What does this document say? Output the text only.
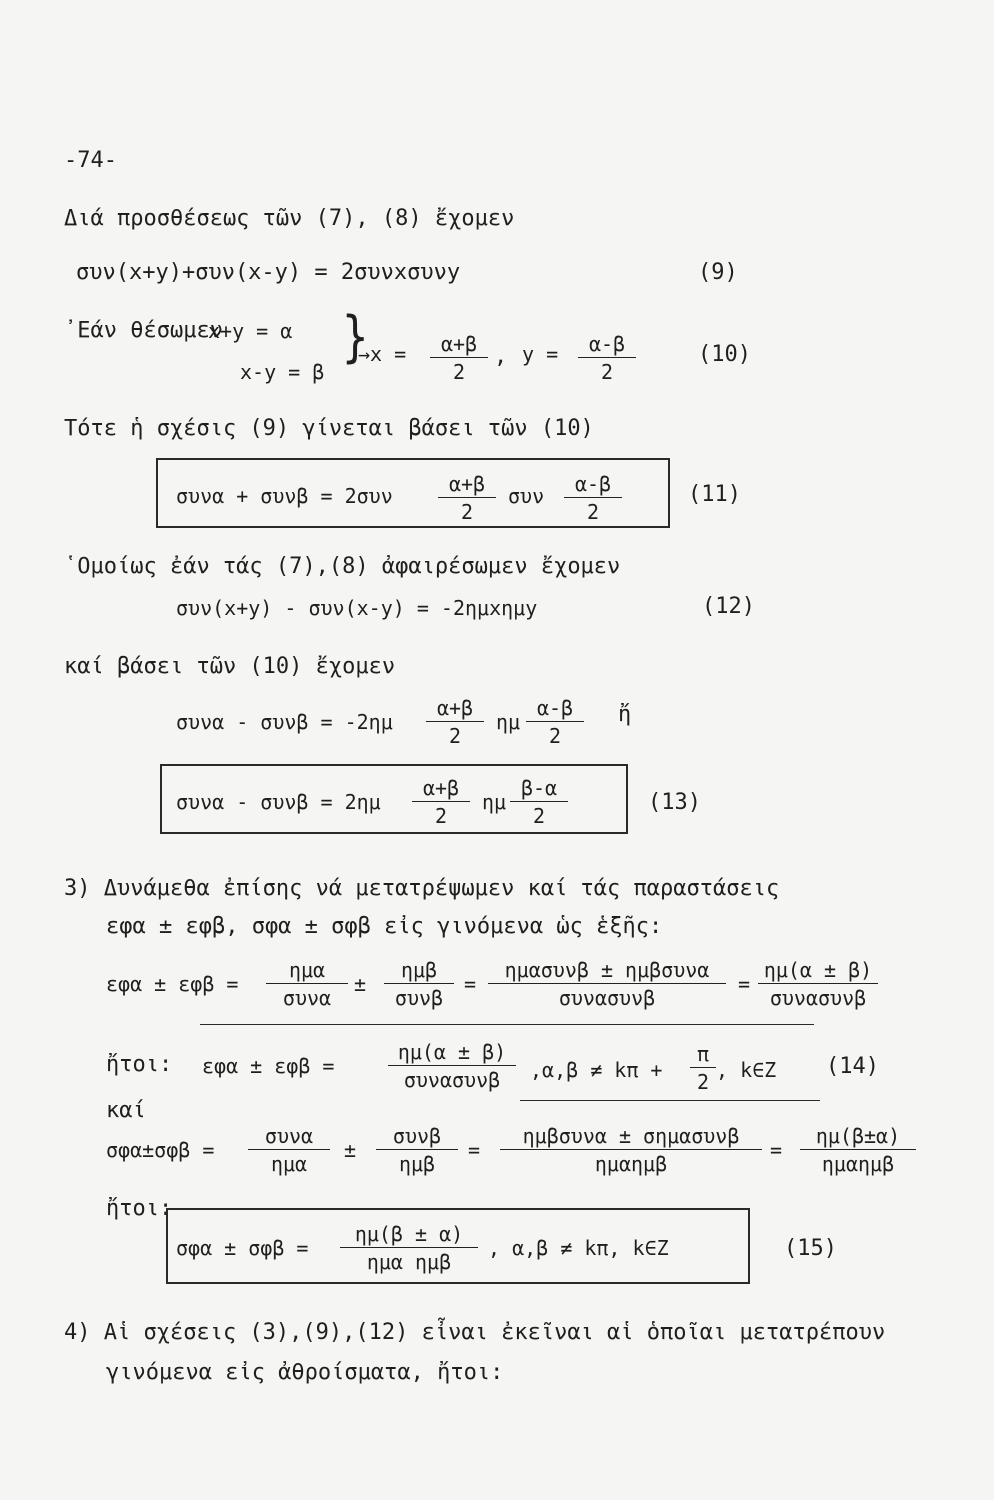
-74-
Διά προσθέσεως τῶν (7), (8) ἔχομεν
συν(x+y)+συν(x-y) = 2συνxσυνy	(9)
᾿Εάν θέσωμεν
x+y = α
x-y = β
}
$\to x = \frac{\alpha+\beta}{2}$ , $y = \frac{\alpha-\beta}{2}$	(10)
Τότε ἡ σχέσις (9) γίνεται βάσει τῶν (10)
$\sigma\upsilon\nu\alpha + \sigma\upsilon\nu\beta = 2\sigma\upsilon\nu \frac{\alpha+\beta}{2}$ συν $\frac{\alpha-\beta}{2}$	(11)
῾Ομοίως ἐάν τάς (7),(8) ἀφαιρέσωμεν ἔχομεν
συν(x+y) - συν(x-y) = -2ημxημy	(12)
καί βάσει τῶν (10) ἔχομεν
$\sigma\upsilon\nu\alpha - \sigma\upsilon\nu\beta = -2\eta\mu \frac{\alpha+\beta}{2}$ ημ $\frac{\alpha-\beta}{2}$ ἤ
$\sigma\upsilon\nu\alpha - \sigma\upsilon\nu\beta = 2\eta\mu \frac{\alpha+\beta}{2}$ ημ $\frac{\beta-\alpha}{2}$	(13)
3) Δυνάμεθα ἐπίσης νά μετατρέψωμεν καί τάς παραστάσεις
εφα ± εφβ, σφα ± σφβ εἰς γινόμενα ὡς ἑξῆς:
εφα ± εφβ =
ημα
συνα
±
ημβ
συνβ
=
ημασυνβ ± ημβσυνα
συνασυνβ
=
ημ(α ± β)
συνασυνβ
ἤτοι: εφα ± εφβ =
ημ(α ± β)
συνασυνβ	$,\alpha,\beta \ne k\pi + \frac{\pi}{2}$ , k∈Z (14)
καί
σφα±σφβ =
συνα
ημα
±
συνβ
ημβ
=
ημβσυνα ± σημασυνβ
ημαημβ
=
ημ(β±α)
ημαημβ
ἤτοι:
σφα ± σφβ =
ημ(β ± α)
ημα ημβ
, α,β ≠ kπ, k∈Z	(15)
4) Αἱ σχέσεις (3),(9),(12) εἶναι ἐκεῖναι αἱ ὁποῖαι μετατρέπουν
γινόμενα εἰς ἀθροίσματα, ἤτοι:
